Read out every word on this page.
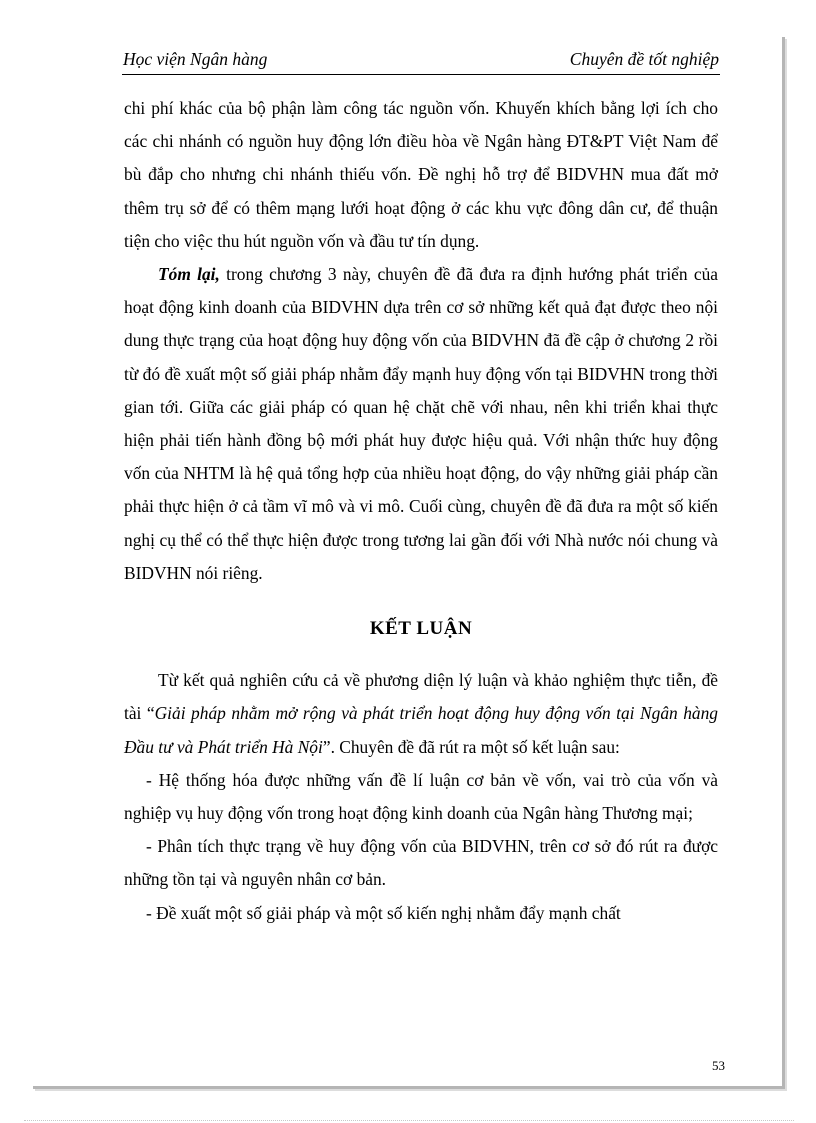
Học viện Ngân hàng	Chuyên đề tốt nghiệp

chi phí khác của bộ phận làm công tác nguồn vốn. Khuyến khích bằng lợi ích cho các chi nhánh có nguồn huy động lớn điều hòa về Ngân hàng ĐT&PT Việt Nam để bù đắp cho nhưng chi nhánh thiếu vốn. Đề nghị hỗ trợ để BIDVHN mua đất mở thêm trụ sở để có thêm mạng lưới hoạt động ở các khu vực đông dân cư, để thuận tiện cho việc thu hút nguồn vốn và đầu tư tín dụng.

Tóm lại, trong chương 3 này, chuyên đề đã đưa ra định hướng phát triển của hoạt động kinh doanh của BIDVHN dựa trên cơ sở những kết quả đạt được theo nội dung thực trạng của hoạt động huy động vốn của BIDVHN đã đề cập ở chương 2 rồi từ đó đề xuất một số giải pháp nhằm đẩy mạnh huy động vốn tại BIDVHN trong thời gian tới. Giữa các giải pháp có quan hệ chặt chẽ với nhau, nên khi triển khai thực hiện phải tiến hành đồng bộ mới phát huy được hiệu quả. Với nhận thức huy động vốn của NHTM là hệ quả tổng hợp của nhiều hoạt động, do vậy những giải pháp cần phải thực hiện ở cả tầm vĩ mô và vi mô. Cuối cùng, chuyên đề đã đưa ra một số kiến nghị cụ thể có thể thực hiện được trong tương lai gần đối với Nhà nước nói chung và BIDVHN nói riêng.

KẾT LUẬN

Từ kết quả nghiên cứu cả về phương diện lý luận và khảo nghiệm thực tiễn, đề tài “Giải pháp nhằm mở rộng và phát triển hoạt động huy động vốn tại Ngân hàng Đầu tư và Phát triển Hà Nội”. Chuyên đề đã rút ra một số kết luận sau:

- Hệ thống hóa được những vấn đề lí luận cơ bản về vốn, vai trò của vốn và nghiệp vụ huy động vốn trong hoạt động kinh doanh của Ngân hàng Thương mại;

- Phân tích thực trạng về huy động vốn của BIDVHN, trên cơ sở đó rút ra được những tồn tại và nguyên nhân cơ bản.

- Đề xuất một số giải pháp và một số kiến nghị nhằm đẩy mạnh chất

53
